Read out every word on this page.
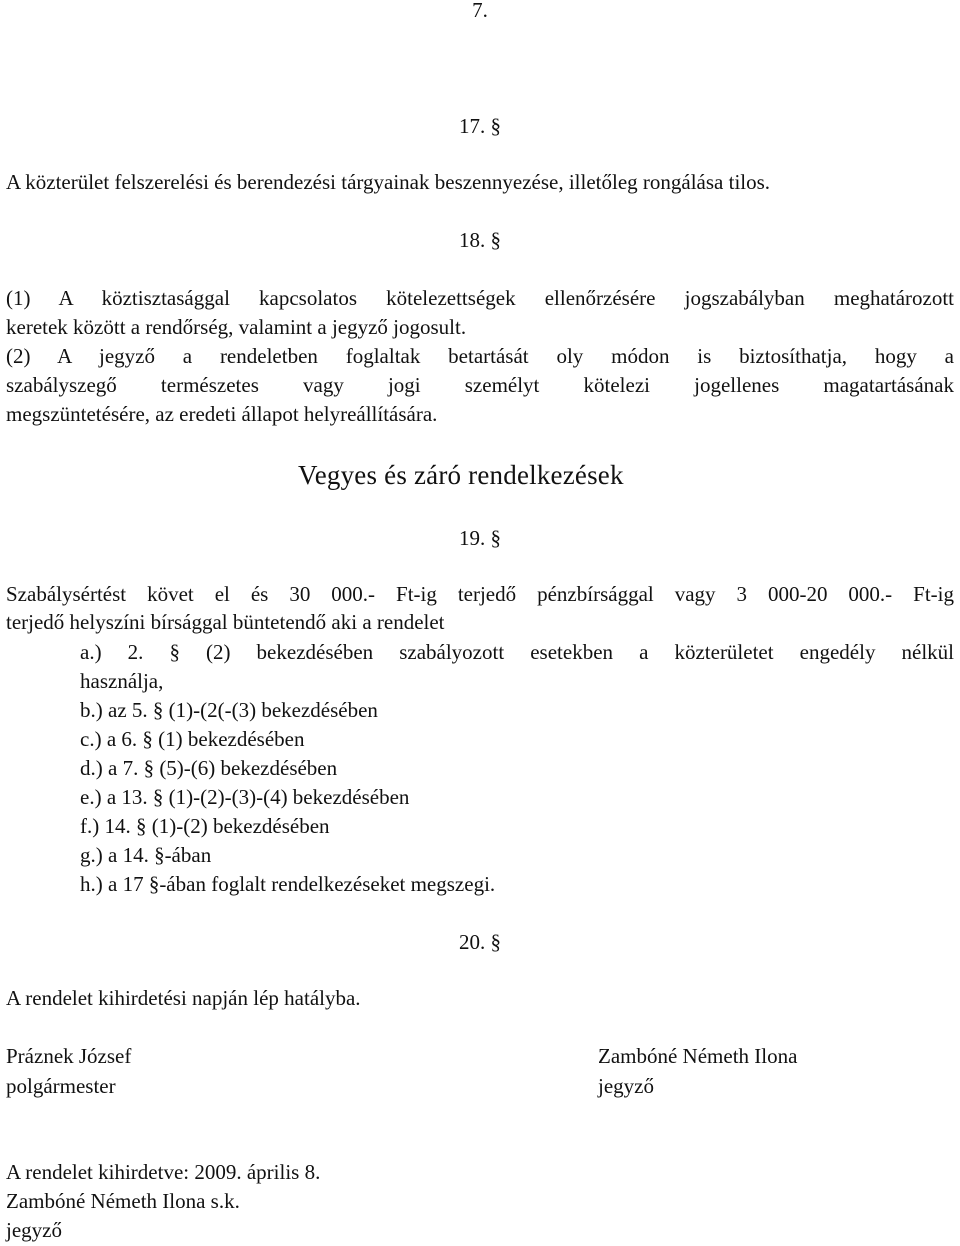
7.
17. §
A közterület felszerelési és berendezési tárgyainak beszennyezése, illetőleg rongálása tilos.
18. §
(1) A köztisztasággal kapcsolatos kötelezettségek ellenőrzésére jogszabályban meghatározott
keretek között a rendőrség, valamint a jegyző jogosult.
(2) A jegyző a rendeletben foglaltak betartását oly módon is biztosíthatja, hogy a
szabályszegő természetes vagy jogi személyt kötelezi jogellenes magatartásának
megszüntetésére, az eredeti állapot helyreállítására.
Vegyes és záró rendelkezések
19. §
Szabálysértést követ el és 30 000.- Ft-ig terjedő pénzbírsággal vagy 3 000-20 000.- Ft-ig
terjedő helyszíni bírsággal büntetendő aki a rendelet
a.) 2. § (2) bekezdésében szabályozott esetekben a közterületet engedély nélkül
használja,
b.) az 5. § (1)-(2(-(3) bekezdésében
c.) a 6. § (1) bekezdésében
d.) a 7. § (5)-(6) bekezdésében
e.) a 13. § (1)-(2)-(3)-(4) bekezdésében
f.) 14. § (1)-(2) bekezdésében
g.) a 14. §-ában
h.) a 17 §-ában foglalt rendelkezéseket megszegi.
20. §
A rendelet kihirdetési napján lép hatályba.
Práznek József
polgármester
Zambóné Németh Ilona
jegyző
A rendelet kihirdetve: 2009. április 8.
Zambóné Németh Ilona s.k.
jegyző
